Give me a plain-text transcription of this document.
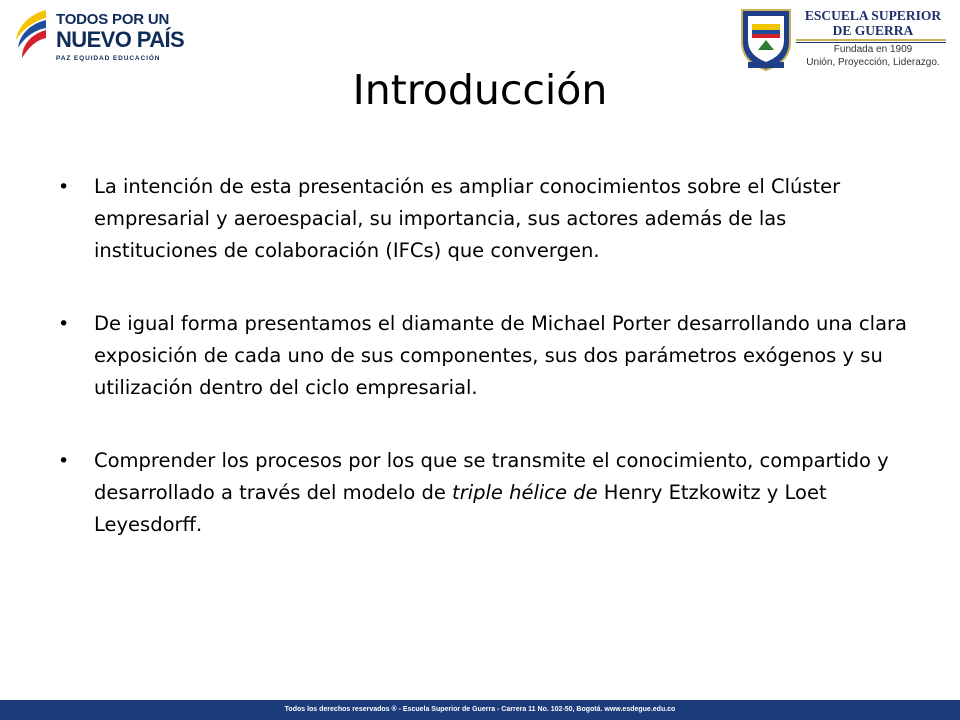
TODOS POR UN
NUEVO PAÍS
PAZ EQUIDAD EDUCACIÓN
ESCUELA SUPERIOR
DE GUERRA
Fundada en 1909
Unión, Proyección, Liderazgo.
Introducción
•	La intención de esta presentación es ampliar conocimientos sobre el Clúster empresarial y aeroespacial, su importancia, sus actores además de las instituciones de colaboración (IFCs) que convergen.
•	De igual forma presentamos el diamante de Michael Porter desarrollando una clara exposición de cada uno de sus componentes, sus dos parámetros exógenos y su utilización dentro del ciclo empresarial.
•	Comprender los procesos por los que se transmite el conocimiento, compartido y desarrollado a través del modelo de triple hélice de Henry Etzkowitz y Loet Leyesdorff.
Todos los derechos reservados ® - Escuela Superior de Guerra - Carrera 11 No. 102-50, Bogotá. www.esdegue.edu.co
